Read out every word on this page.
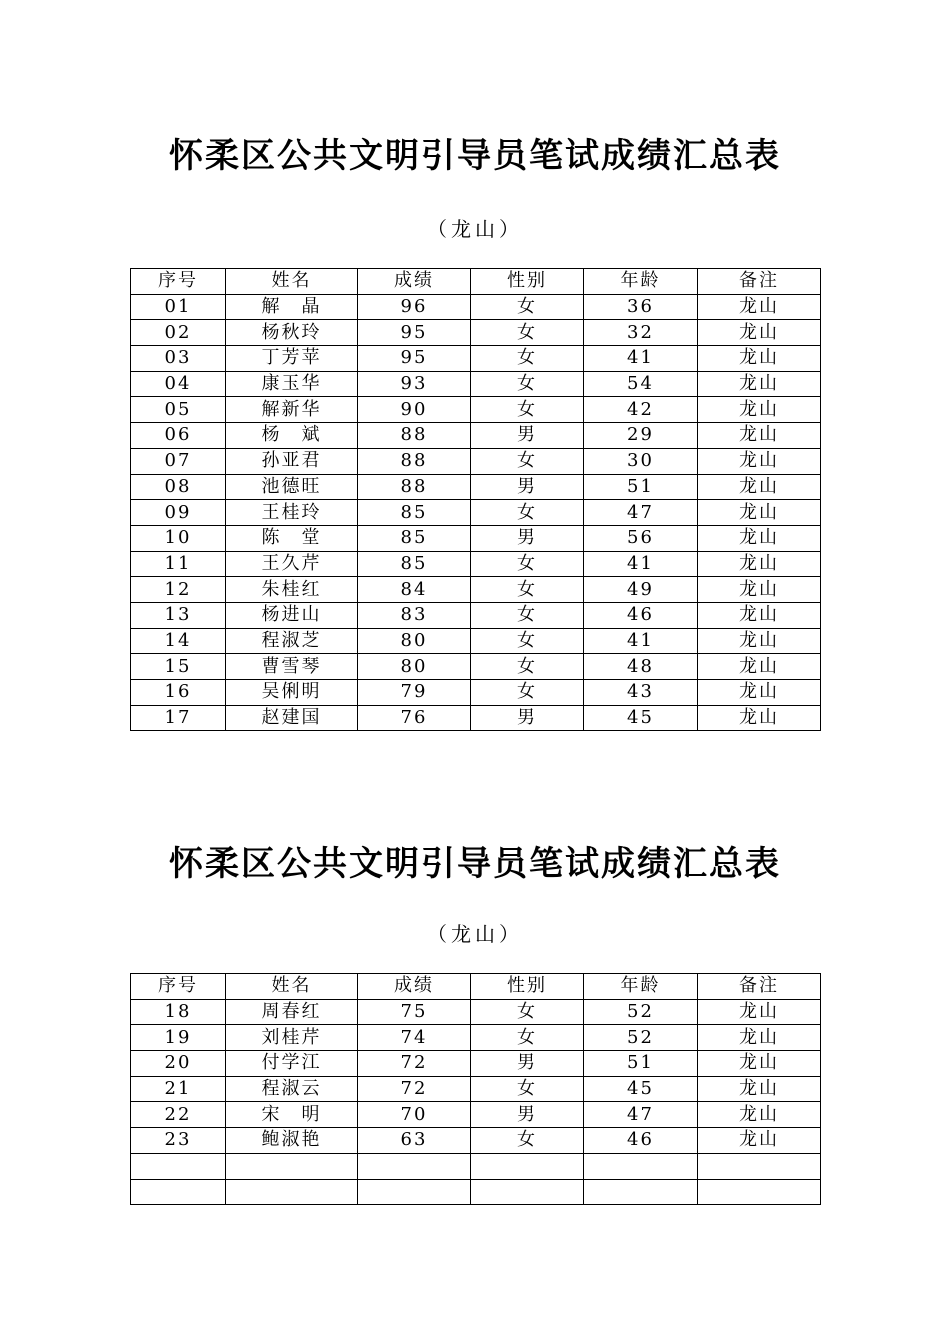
怀柔区公共文明引导员笔试成绩汇总表
（龙山）
序号	姓名	成绩	性别	年龄	备注
01	解　晶	96	女	36	龙山
02	杨秋玲	95	女	32	龙山
03	丁芳苹	95	女	41	龙山
04	康玉华	93	女	54	龙山
05	解新华	90	女	42	龙山
06	杨　斌	88	男	29	龙山
07	孙亚君	88	女	30	龙山
08	池德旺	88	男	51	龙山
09	王桂玲	85	女	47	龙山
10	陈　堂	85	男	56	龙山
11	王久芹	85	女	41	龙山
12	朱桂红	84	女	49	龙山
13	杨进山	83	女	46	龙山
14	程淑芝	80	女	41	龙山
15	曹雪琴	80	女	48	龙山
16	吴俐明	79	女	43	龙山
17	赵建国	76	男	45	龙山
怀柔区公共文明引导员笔试成绩汇总表
（龙山）
序号	姓名	成绩	性别	年龄	备注
18	周春红	75	女	52	龙山
19	刘桂芹	74	女	52	龙山
20	付学江	72	男	51	龙山
21	程淑云	72	女	45	龙山
22	宋　明	70	男	47	龙山
23	鲍淑艳	63	女	46	龙山
